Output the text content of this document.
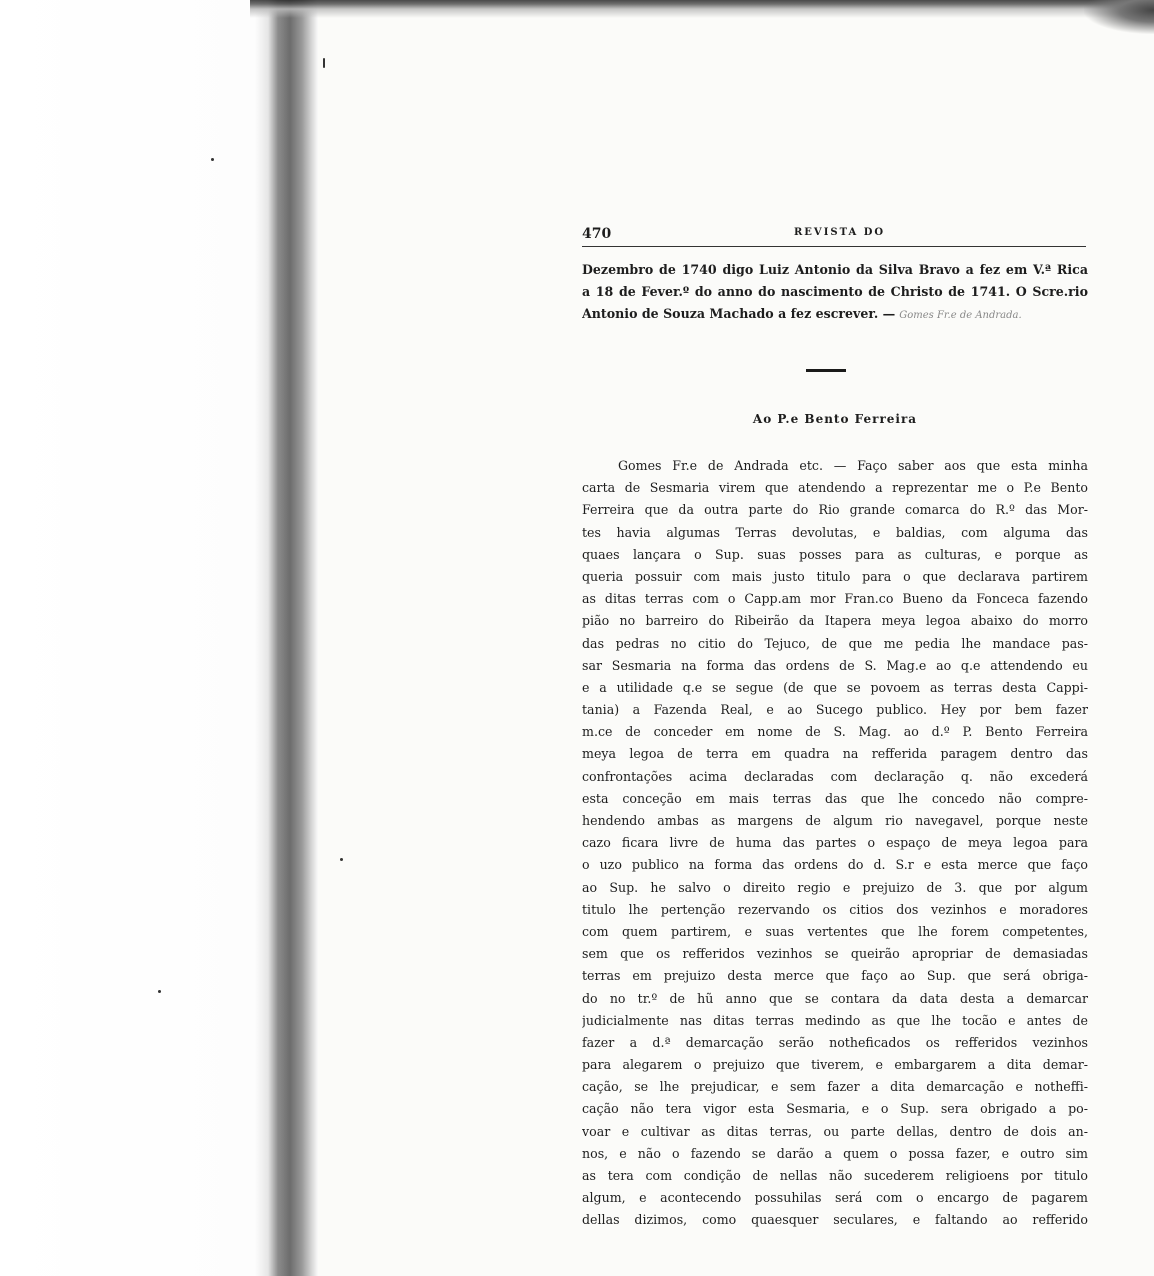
470	REVISTA DO
Dezembro de 1740 digo Luiz Antonio da Silva Bravo a fez em V.ª Rica
a 18 de Fever.º do anno do nascimento de Christo de 1741. O Scre.rio
Antonio de Souza Machado a fez escrever. — Gomes Fr.e de Andrada.
Ao P.e Bento Ferreira
Gomes Fr.e de Andrada etc. — Faço saber aos que esta minha
carta de Sesmaria virem que atendendo a reprezentar me o P.e Bento
Ferreira que da outra parte do Rio grande comarca do R.º das Mor-
tes havia algumas Terras devolutas, e baldias, com alguma das
quaes lançara o Sup. suas posses para as culturas, e porque as
queria possuir com mais justo titulo para o que declarava partirem
as ditas terras com o Capp.am mor Fran.co Bueno da Fonceca fazendo
pião no barreiro do Ribeirão da Itapera meya legoa abaixo do morro
das pedras no citio do Tejuco, de que me pedia lhe mandace pas-
sar Sesmaria na forma das ordens de S. Mag.e ao q.e attendendo eu
e a utilidade q.e se segue (de que se povoem as terras desta Cappi-
tania) a Fazenda Real, e ao Sucego publico. Hey por bem fazer
m.ce de conceder em nome de S. Mag. ao d.º P. Bento Ferreira
meya legoa de terra em quadra na refferida paragem dentro das
confrontações acima declaradas com declaração q. não excederá
esta conceção em mais terras das que lhe concedo não compre-
hendendo ambas as margens de algum rio navegavel, porque neste
cazo ficara livre de huma das partes o espaço de meya legoa para
o uzo publico na forma das ordens do d. S.r e esta merce que faço
ao Sup. he salvo o direito regio e prejuizo de 3. que por algum
titulo lhe pertenção rezervando os citios dos vezinhos e moradores
com quem partirem, e suas vertentes que lhe forem competentes,
sem que os refferidos vezinhos se queirão apropriar de demasiadas
terras em prejuizo desta merce que faço ao Sup. que será obriga-
do no tr.º de hũ anno que se contara da data desta a demarcar
judicialmente nas ditas terras medindo as que lhe tocão e antes de
fazer a d.ª demarcação serão notheficados os refferidos vezinhos
para alegarem o prejuizo que tiverem, e embargarem a dita demar-
cação, se lhe prejudicar, e sem fazer a dita demarcação e notheffi-
cação não tera vigor esta Sesmaria, e o Sup. sera obrigado a po-
voar e cultivar as ditas terras, ou parte dellas, dentro de dois an-
nos, e não o fazendo se darão a quem o possa fazer, e outro sim
as tera com condição de nellas não sucederem religioens por titulo
algum, e acontecendo possuhilas será com o encargo de pagarem
dellas dizimos, como quaesquer seculares, e faltando ao refferido
